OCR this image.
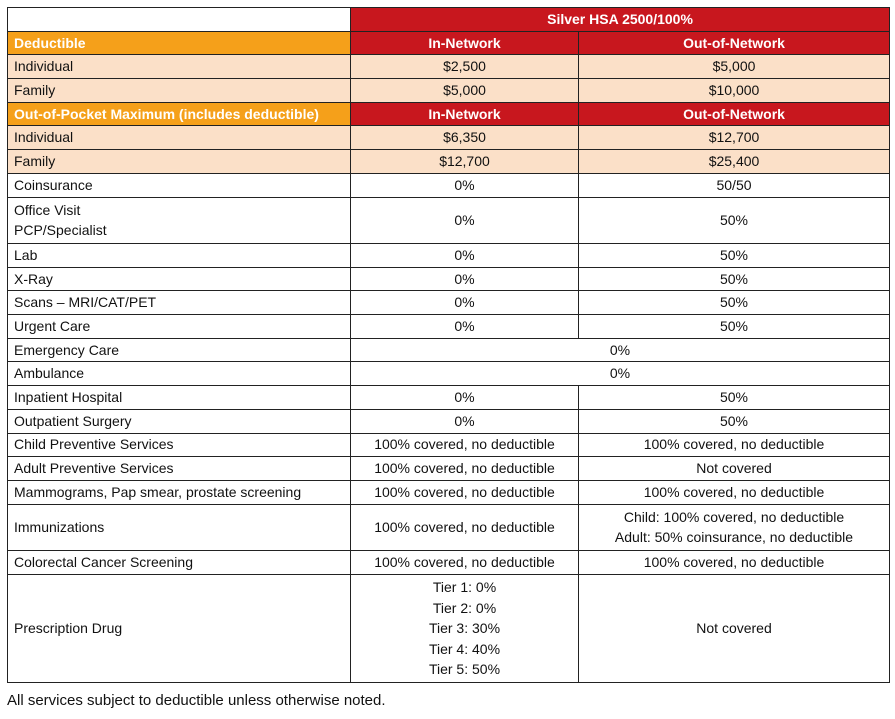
	Silver HSA 2500/100%	
Deductible	In-Network	Out-of-Network
Individual	$2,500	$5,000
Family	$5,000	$10,000
Out-of-Pocket Maximum (includes deductible)	In-Network	Out-of-Network
Individual	$6,350	$12,700
Family	$12,700	$25,400
Coinsurance	0%	50/50

Office Visit
PCP/Specialist	0%	50%
Lab	0%	50%
X-Ray	0%	50%
Scans – MRI/CAT/PET	0%	50%
Urgent Care	0%	50%
Emergency Care	0%	
Ambulance	0%	
Inpatient Hospital	0%	50%
Outpatient Surgery	0%	50%
Child Preventive Services	100% covered, no deductible	100% covered, no deductible
Adult Preventive Services	100% covered, no deductible	Not covered
Mammograms, Pap smear, prostate screening	100% covered, no deductible	100% covered, no deductible
Immunizations	100% covered, no deductible	Child: 100% covered, no deductible
Adult: 50% coinsurance, no deductible

Colorectal Cancer Screening	100% covered, no deductible	100% covered, no deductible
Prescription Drug	Tier 1: 0%
Tier 2: 0%
Tier 3: 30%
Tier 4: 40%
Tier 5: 50%	Not covered
All services subject to deductible unless otherwise noted.
